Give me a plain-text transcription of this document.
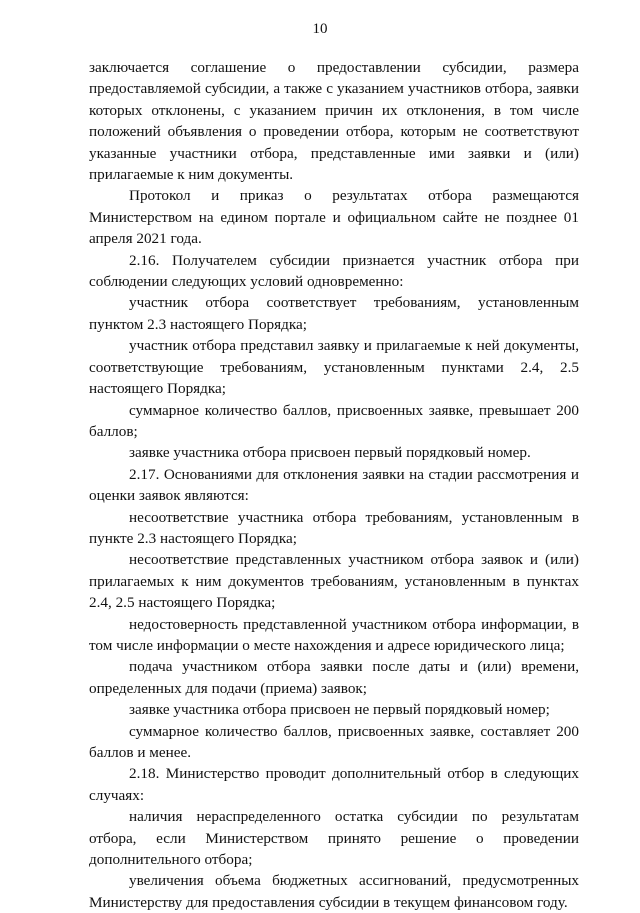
10

заключается соглашение о предоставлении субсидии, размера предоставляемой субсидии, а также с указанием участников отбора, заявки которых отклонены, с указанием причин их отклонения, в том числе положений объявления о проведении отбора, которым не соответствуют указанные участники отбора, представленные ими заявки и (или) прилагаемые к ним документы.

Протокол и приказ о результатах отбора размещаются Министерством на едином портале и официальном сайте не позднее 01 апреля 2021 года.

2.16. Получателем субсидии признается участник отбора при соблюдении следующих условий одновременно:

участник отбора соответствует требованиям, установленным пунктом 2.3 настоящего Порядка;

участник отбора представил заявку и прилагаемые к ней документы, соответствующие требованиям, установленным пунктами 2.4, 2.5 настоящего Порядка;

суммарное количество баллов, присвоенных заявке, превышает 200 баллов;

заявке участника отбора присвоен первый порядковый номер.

2.17. Основаниями для отклонения заявки на стадии рассмотрения и оценки заявок являются:

несоответствие участника отбора требованиям, установленным в пункте 2.3 настоящего Порядка;

несоответствие представленных участником отбора заявок и (или) прилагаемых к ним документов требованиям, установленным в пунктах 2.4, 2.5 настоящего Порядка;

недостоверность представленной участником отбора информации, в том числе информации о месте нахождения и адресе юридического лица;

подача участником отбора заявки после даты и (или) времени, определенных для подачи (приема) заявок;

заявке участника отбора присвоен не первый порядковый номер;

суммарное количество баллов, присвоенных заявке, составляет 200 баллов и менее.

2.18. Министерство проводит дополнительный отбор в следующих случаях:

наличия нераспределенного остатка субсидии по результатам отбора, если Министерством принято решение о проведении дополнительного отбора;

увеличения объема бюджетных ассигнований, предусмотренных Министерству для предоставления субсидии в текущем финансовом году.
